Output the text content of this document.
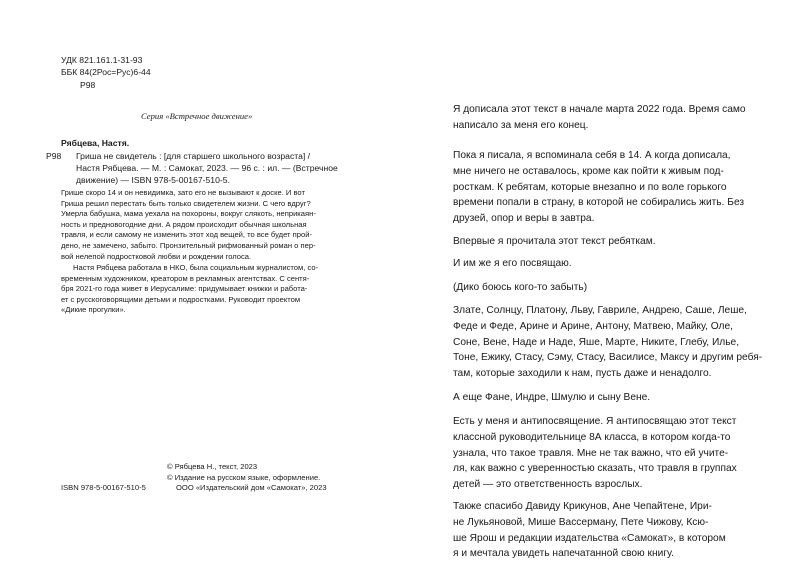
УДК 821.161.1-31-93
ББК 84(2Рос=Рус)6-44
Р98
Серия «Встречное движение»
Рябцева, Настя.
Р98 Гриша не свидетель : [для старшего школьного возраста] /
Настя Рябцева. — М. : Самокат, 2023. — 96 с. : ил. — (Встречное
движение) — ISBN 978-5-00167-510-5.
Грише скоро 14 и он невидимка, зато его не вызывают к доске. И вот
Гриша решил перестать быть только свидетелем жизни. С чего вдруг?
Умерла бабушка, мама уехала на похороны, вокруг слякоть, неприкаян-
ность и предновогодние дни. А рядом происходит обычная школьная
травля, и если самому не изменить этот ход вещей, то все будет прой-
дено, не замечено, забыто. Пронзительный рифмованный роман о пер-
вой нелепой подростковой любви и рождении голоса.
Настя Рябцева работала в НКО, была социальным журналистом, со-
временным художником, креатором в рекламных агентствах. С сентя-
бря 2021-го года живет в Иерусалиме: придумывает книжки и работа-
ет с русскоговорящими детьми и подростками. Руководит проектом
«Дикие прогулки».
© Рябцева Н., текст, 2023
© Издание на русском языке, оформление.
ООО «Издательский дом «Самокат», 2023
ISBN 978-5-00167-510-5

Я дописала этот текст в начале марта 2022 года. Время само

написало за меня его конец.

Пока я писала, я вспоминала себя в 14. А когда дописала,

мне ничего не оставалось, кроме как пойти к живым под-

росткам. К ребятам, которые внезапно и по воле горького

времени попали в страну, в которой не собирались жить. Без

друзей, опор и веры в завтра.

Впервые я прочитала этот текст ребяткам.

И им же я его посвящаю.

(Дико боюсь кого-то забыть)

Злате, Солнцу, Платону, Льву, Гавриле, Андрею, Саше, Леше,

Феде и Феде, Арине и Арине, Антону, Матвею, Майку, Оле,

Соне, Вене, Наде и Наде, Яше, Марте, Никите, Глебу, Илье,

Тоне, Ежику, Стасу, Сэму, Стасу, Василисе, Максу и другим ребя-

там, которые заходили к нам, пусть даже и ненадолго.

А еще Фане, Индре, Шмулю и сыну Вене.

Есть у меня и антипосвящение. Я антипосвящаю этот текст

классной руководительнице 8А класса, в котором когда-то

узнала, что такое травля. Мне не так важно, что ей учите-

ля, как важно с уверенностью сказать, что травля в группах

детей — это ответственность взрослых.

Также спасибо Давиду Крикунов, Ане Чепайтене, Ири-

не Лукьяновой, Мише Вассерману, Пете Чижову, Ксю-

ше Ярош и редакции издательства «Самокат», в котором

я и мечтала увидеть напечатанной свою книгу.
